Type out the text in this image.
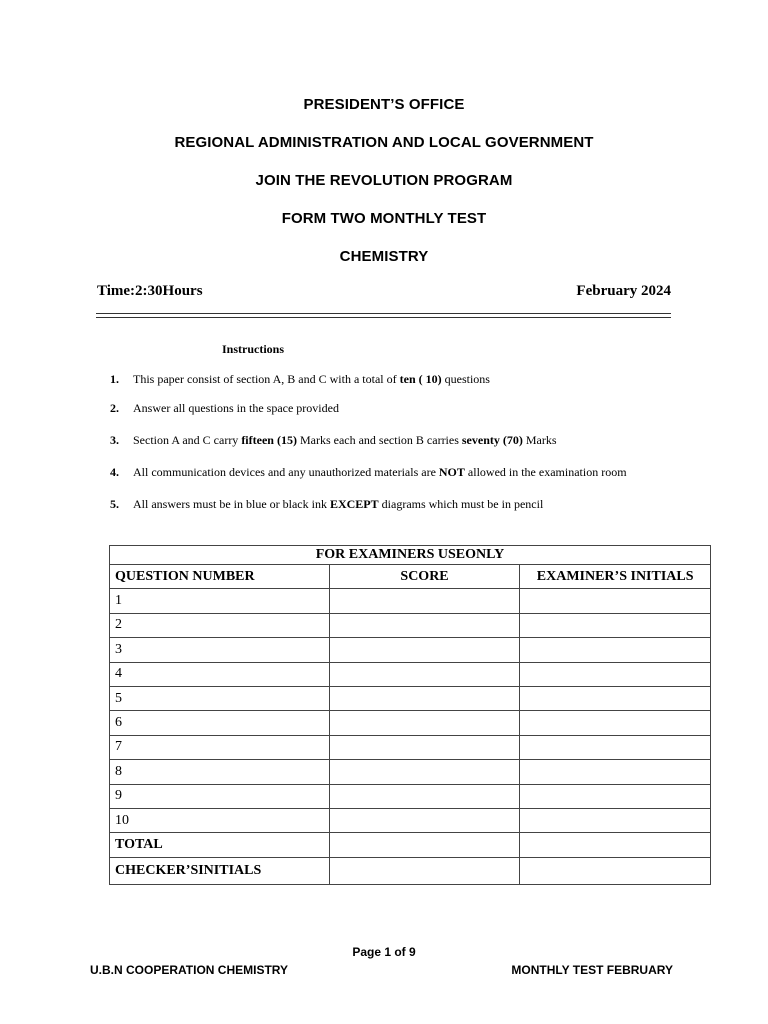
PRESIDENT’S OFFICE
REGIONAL ADMINISTRATION AND LOCAL GOVERNMENT
JOIN THE REVOLUTION PROGRAM
FORM TWO MONTHLY TEST
CHEMISTRY
Time:2:30Hours	February 2024
Instructions
1. This paper consist of section A, B and C with a total of ten ( 10) questions
2. Answer all questions in the space provided
3. Section A and C carry fifteen (15) Marks each and section B carries seventy (70) Marks
4. All communication devices and any unauthorized materials are NOT allowed in the examination room
5. All answers must be in blue or black ink EXCEPT diagrams which must be in pencil
FOR EXAMINERS USEONLY		
QUESTION NUMBER	SCORE	EXAMINER’S INITIALS
1		
2		
3		
4		
5		
6		
7		
8		
9		
10		
TOTAL		
CHECKER’SINITIALS		
Page 1 of 9
U.B.N COOPERATION CHEMISTRY	MONTHLY TEST FEBRUARY
